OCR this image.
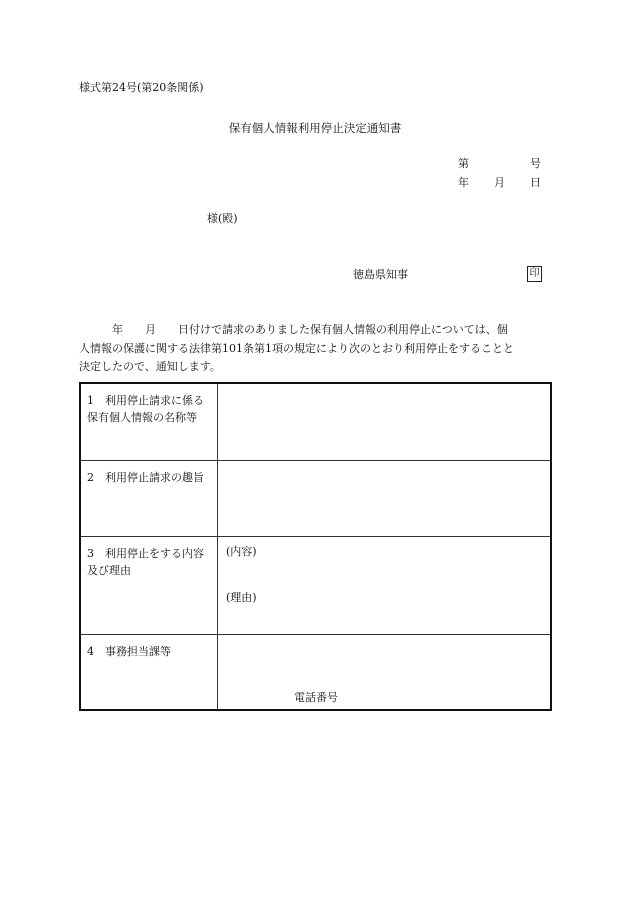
様式第24号(第20条関係)
保有個人情報利用停止決定通知書
第	号
年 月 日
様(殿)
徳島県知事	印
　　　年　　月　　日付けで請求のありました保有個人情報の利用停止については、個
人情報の保護に関する法律第101条第1項の規定により次のとおり利用停止をすることと
決定したので、通知します。
1　利用停止請求に係る
保有個人情報の名称等
2　利用停止請求の趣旨
3　利用停止をする内容
及び理由
(内容)
(理由)
4　事務担当課等
電話番号
